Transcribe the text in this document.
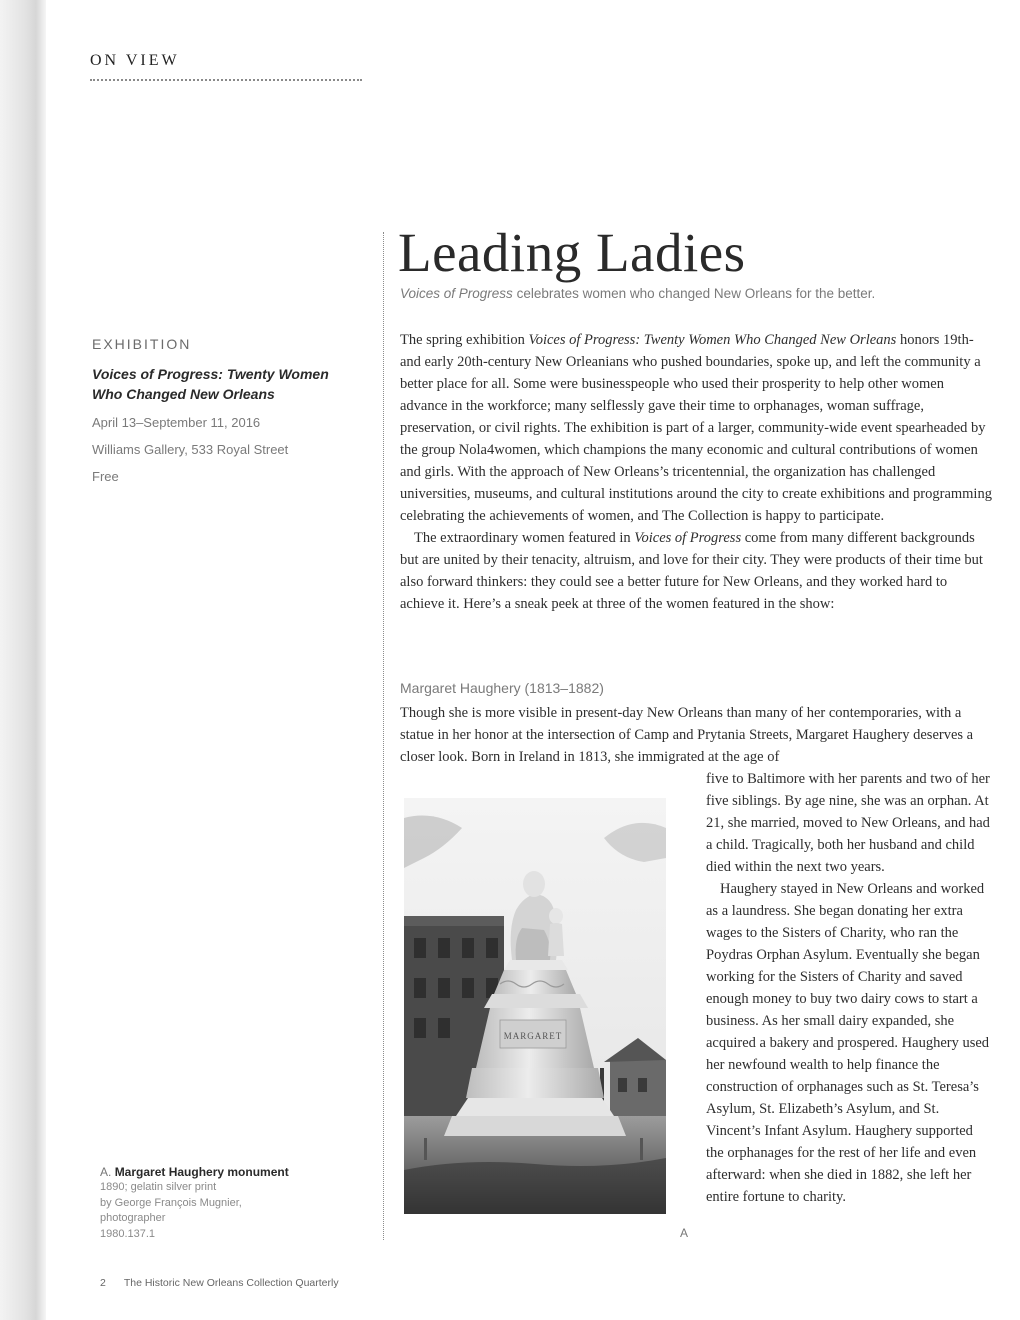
ON VIEW

EXHIBITION

Voices of Progress: Twenty Women Who Changed New Orleans

April 13–September 11, 2016

Williams Gallery, 533 Royal Street

Free

Leading Ladies

Voices of Progress celebrates women who changed New Orleans for the better.

The spring exhibition Voices of Progress: Twenty Women Who Changed New Orleans honors 19th- and early 20th-century New Orleanians who pushed boundaries, spoke up, and left the community a better place for all. Some were businesspeople who used their prosperity to help other women advance in the workforce; many selflessly gave their time to orphanages, woman suffrage, preservation, or civil rights. The exhibition is part of a larger, community-wide event spearheaded by the group Nola4women, which champions the many economic and cultural contributions of women and girls. With the approach of New Orleans’s tricentennial, the organization has challenged universities, museums, and cultural institutions around the city to create exhibitions and programming celebrating the achievements of women, and The Collection is happy to participate.

The extraordinary women featured in Voices of Progress come from many different backgrounds but are united by their tenacity, altruism, and love for their city. They were products of their time but also forward thinkers: they could see a better future for New Orleans, and they worked hard to achieve it. Here’s a sneak peek at three of the women featured in the show:

Margaret Haughery (1813–1882)

Though she is more visible in present-day New Orleans than many of her contemporaries, with a statue in her honor at the intersection of Camp and Prytania Streets, Margaret Haughery deserves a closer look. Born in Ireland in 1813, she immigrated at the age of

five to Baltimore with her parents and two of her five siblings. By age nine, she was an orphan. At 21, she married, moved to New Orleans, and had a child. Tragically, both her husband and child died within the next two years.

Haughery stayed in New Orleans and worked as a laundress. She began donating her extra wages to the Sisters of Charity, who ran the Poydras Orphan Asylum. Eventually she began working for the Sisters of Charity and saved enough money to buy two dairy cows to start a business. As her small dairy expanded, she acquired a bakery and prospered. Haughery used her newfound wealth to help finance the construction of orphanages such as St. Teresa’s Asylum, St. Elizabeth’s Asylum, and St. Vincent’s Infant Asylum. Haughery supported the orphanages for the rest of her life and even afterward: when she died in 1882, she left her entire fortune to charity.

MARGARET
A

A. Margaret Haughery monument

1890; gelatin silver print

by George François Mugnier,

photographer

1980.137.1

2 The Historic New Orleans Collection Quarterly
